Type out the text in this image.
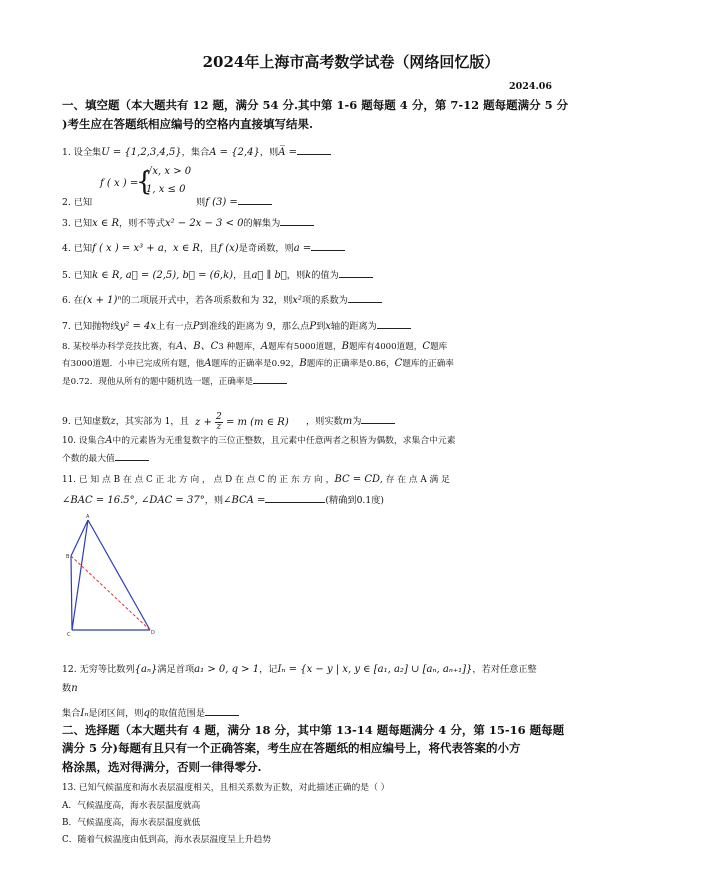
2024年上海市高考数学试卷（网络回忆版）
2024.06
一、填空题（本大题共有 12 题，满分 54 分.其中第 1-6 题每题 4 分，第 7-12 题每题满分 5 分
)考生应在答题纸相应编号的空格内直接填写结果.
1. 设全集U = {1,2,3,4,5}，集合A = {2,4}，则A̅ =
2. 已知
f ( x ) =
{
√x, x > 0
1, x ≤ 0
则f (3) =
3. 已知x ∈ R，则不等式x² − 2x − 3 < 0的解集为
4. 已知f ( x ) = x³ + a，x ∈ R，且f (x)是奇函数，则a =
5. 已知k ∈ R, a⃗ = (2,5), b⃗ = (6,k)，且a⃗ ∥ b⃗，则k的值为
6. 在(x + 1)ⁿ的二项展开式中，若各项系数和为 32，则x²项的系数为
7. 已知抛物线y² = 4x上有一点P到准线的距离为 9，那么点P到x轴的距离为
8. 某校举办科学竞技比赛，有A、B、C3 种题库，A题库有5000道题，B题库有4000道题，C题库
有3000道题．小申已完成所有题，他A题库的正确率是0.92，B题库的正确率是0.86，C题库的正确率
是0.72．现他从所有的题中随机选一题，正确率是
9. 已知虚数z，其实部为 1，且 $z + \frac{2}{z} = m$ (m ∈ R) ，则实数m为
10. 设集合A中的元素皆为无重复数字的三位正整数，且元素中任意两者之积皆为偶数，求集合中元素
个数的最大值
11. 已 知 点 B 在 点 C 正 北 方 向 ， 点 D 在 点 C 的 正 东 方 向 ，BC = CD, 存 在 点 A 满 足
∠BAC = 16.5°, ∠DAC = 37°，则∠BCA =	(精确到0.1度)
A
B
C	D
12. 无穷等比数列{aₙ}满足首项a₁ > 0, q > 1，记Iₙ = {x − y | x, y ∈ [a₁, a₂] ∪ [aₙ, aₙ₊₁]}，若对任意正整
数n
集合Iₙ是闭区间，则q的取值范围是
二、选择题（本大题共有 4 题，满分 18 分，其中第 13-14 题每题满分 4 分，第 15-16 题每题
满分 5 分)每题有且只有一个正确答案，考生应在答题纸的相应编号上，将代表答案的小方
格涂黑，选对得满分，否则一律得零分.
13. 已知气候温度和海水表层温度相关，且相关系数为正数，对此描述正确的是（ ）
A．气候温度高，海水表层温度就高
B．气候温度高，海水表层温度就低
C．随着气候温度由低到高，海水表层温度呈上升趋势
